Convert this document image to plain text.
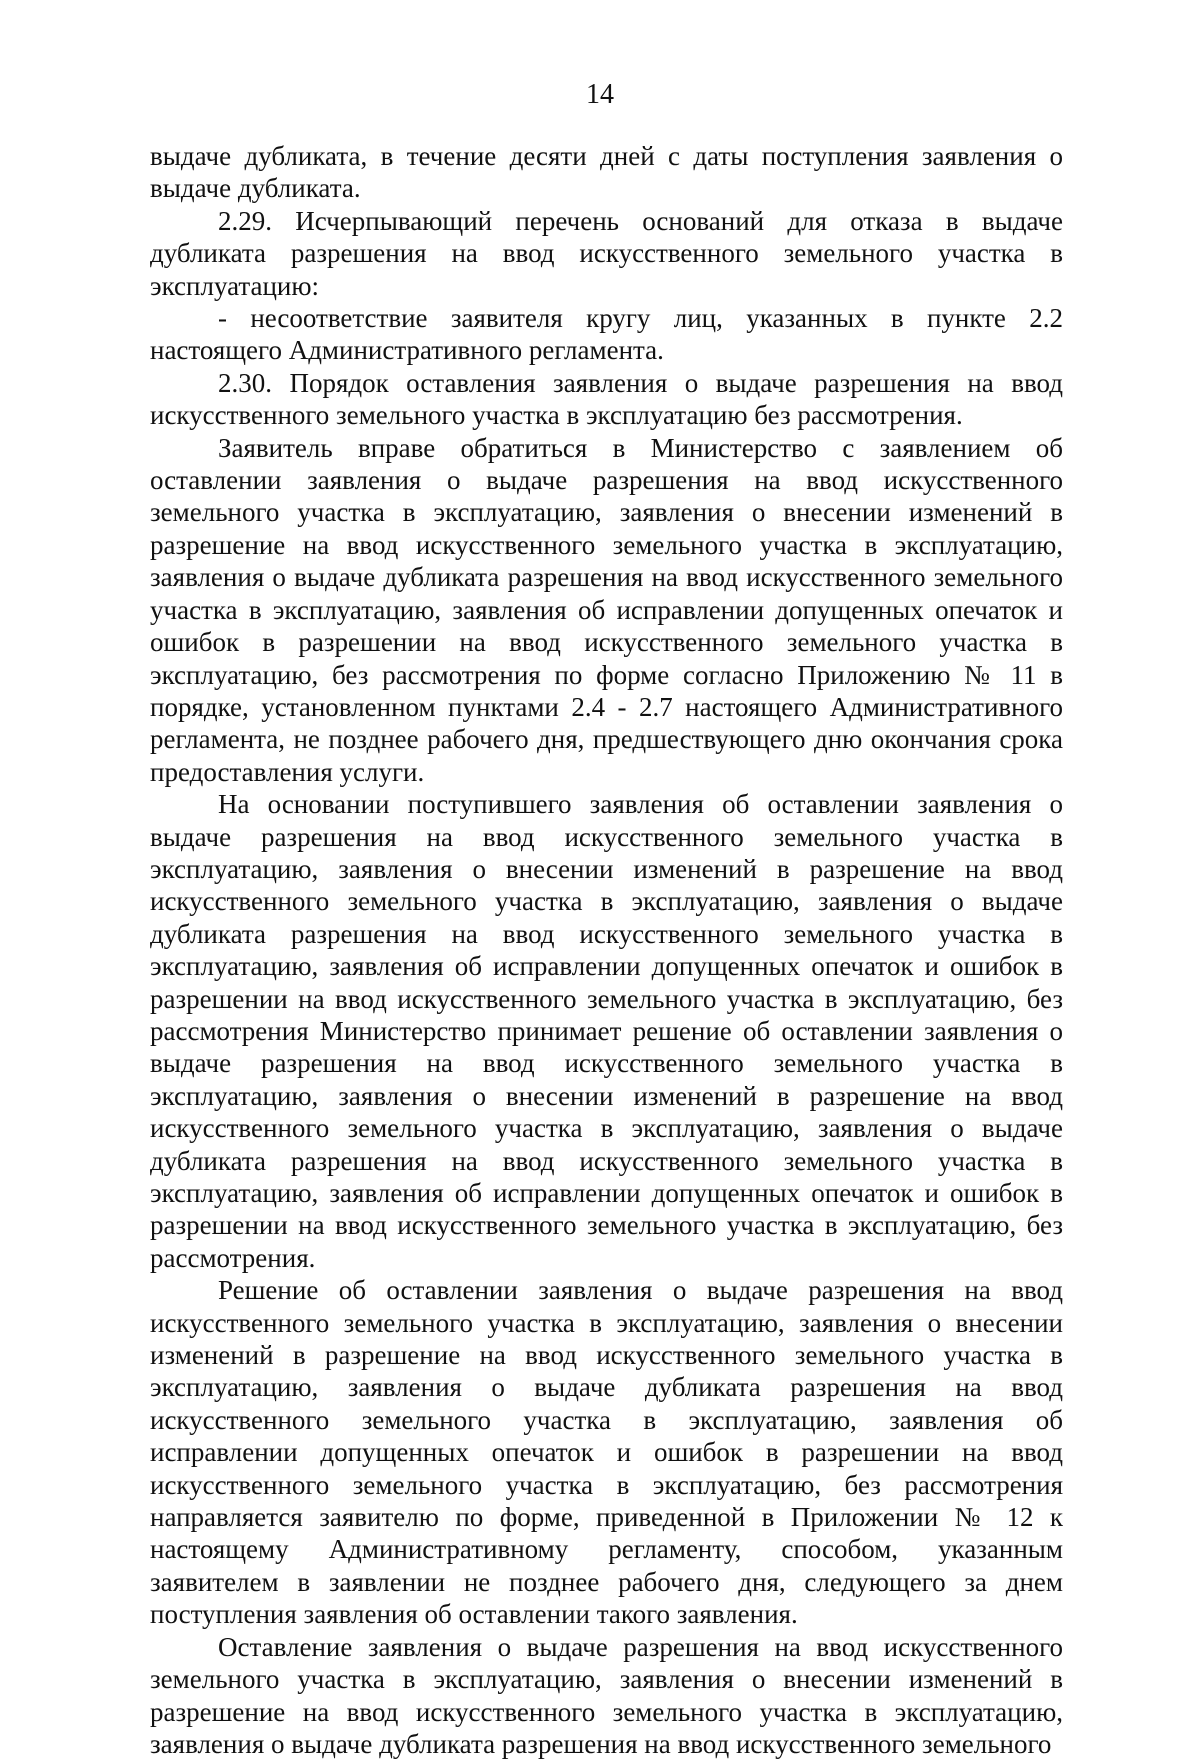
14

выдаче дубликата, в течение десяти дней с даты поступления заявления о выдаче дубликата.

2.29. Исчерпывающий перечень оснований для отказа в выдаче дубликата разрешения на ввод искусственного земельного участка в эксплуатацию:

- несоответствие заявителя кругу лиц, указанных в пункте 2.2 настоящего Административного регламента.

2.30. Порядок оставления заявления о выдаче разрешения на ввод искусственного земельного участка в эксплуатацию без рассмотрения.

Заявитель вправе обратиться в Министерство с заявлением об оставлении заявления о выдаче разрешения на ввод искусственного земельного участка в эксплуатацию, заявления о внесении изменений в разрешение на ввод искусственного земельного участка в эксплуатацию, заявления о выдаче дубликата разрешения на ввод искусственного земельного участка в эксплуатацию, заявления об исправлении допущенных опечаток и ошибок в разрешении на ввод искусственного земельного участка в эксплуатацию, без рассмотрения по форме согласно Приложению № 11 в порядке, установленном пунктами 2.4 - 2.7 настоящего Административного регламента, не позднее рабочего дня, предшествующего дню окончания срока предоставления услуги.

На основании поступившего заявления об оставлении заявления о выдаче разрешения на ввод искусственного земельного участка в эксплуатацию, заявления о внесении изменений в разрешение на ввод искусственного земельного участка в эксплуатацию, заявления о выдаче дубликата разрешения на ввод искусственного земельного участка в эксплуатацию, заявления об исправлении допущенных опечаток и ошибок в разрешении на ввод искусственного земельного участка в эксплуатацию, без рассмотрения Министерство принимает решение об оставлении заявления о выдаче разрешения на ввод искусственного земельного участка в эксплуатацию, заявления о внесении изменений в разрешение на ввод искусственного земельного участка в эксплуатацию, заявления о выдаче дубликата разрешения на ввод искусственного земельного участка в эксплуатацию, заявления об исправлении допущенных опечаток и ошибок в разрешении на ввод искусственного земельного участка в эксплуатацию, без рассмотрения.

Решение об оставлении заявления о выдаче разрешения на ввод искусственного земельного участка в эксплуатацию, заявления о внесении изменений в разрешение на ввод искусственного земельного участка в эксплуатацию, заявления о выдаче дубликата разрешения на ввод искусственного земельного участка в эксплуатацию, заявления об исправлении допущенных опечаток и ошибок в разрешении на ввод искусственного земельного участка в эксплуатацию, без рассмотрения направляется заявителю по форме, приведенной в Приложении № 12 к настоящему Административному регламенту, способом, указанным заявителем в заявлении не позднее рабочего дня, следующего за днем поступления заявления об оставлении такого заявления.

Оставление заявления о выдаче разрешения на ввод искусственного земельного участка в эксплуатацию, заявления о внесении изменений в разрешение на ввод искусственного земельного участка в эксплуатацию, заявления о выдаче дубликата разрешения на ввод искусственного земельного
